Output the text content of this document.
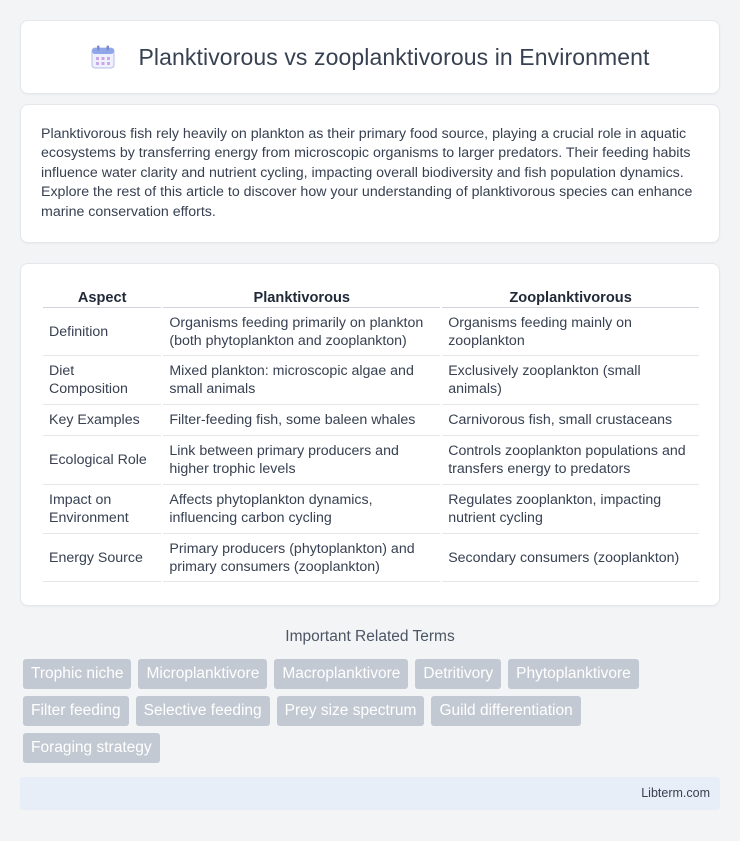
Planktivorous vs zooplanktivorous in Environment

Planktivorous fish rely heavily on plankton as their primary food source, playing a crucial role in aquatic ecosystems by transferring energy from microscopic organisms to larger predators. Their feeding habits influence water clarity and nutrient cycling, impacting overall biodiversity and fish population dynamics. Explore the rest of this article to discover how your understanding of planktivorous species can enhance marine conservation efforts.

Aspect	Planktivorous	Zooplanktivorous
Definition	Organisms feeding primarily on plankton (both phytoplankton and zooplankton)	Organisms feeding mainly on zooplankton
Diet Composition	Mixed plankton: microscopic algae and small animals	Exclusively zooplankton (small animals)
Key Examples	Filter-feeding fish, some baleen whales	Carnivorous fish, small crustaceans
Ecological Role	Link between primary producers and higher trophic levels	Controls zooplankton populations and transfers energy to predators
Impact on Environment	Affects phytoplankton dynamics, influencing carbon cycling	Regulates zooplankton, impacting nutrient cycling
Energy Source	Primary producers (phytoplankton) and primary consumers (zooplankton)	Secondary consumers (zooplankton)
Important Related Terms
Trophic niche	Microplanktivore	Macroplanktivore	Detritivory	Phytoplanktivore
Filter feeding	Selective feeding	Prey size spectrum	Guild differentiation
Foraging strategy
Libterm.com
